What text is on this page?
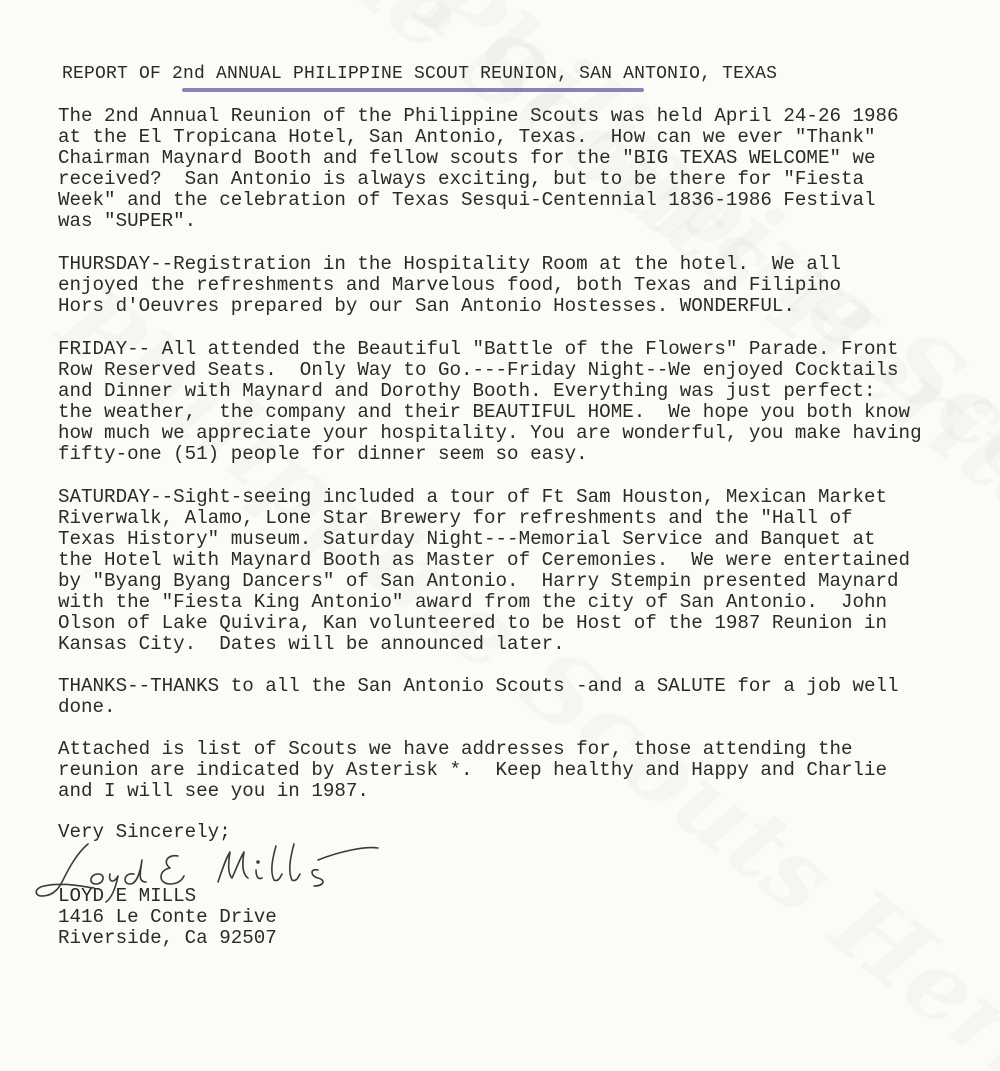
REPORT OF 2nd ANNUAL PHILIPPINE SCOUT REUNION, SAN ANTONIO, TEXAS
The 2nd Annual Reunion of the Philippine Scouts was held April 24-26 1986
at the El Tropicana Hotel, San Antonio, Texas.  How can we ever "Thank"
Chairman Maynard Booth and fellow scouts for the "BIG TEXAS WELCOME" we
received?  San Antonio is always exciting, but to be there for "Fiesta
Week" and the celebration of Texas Sesqui-Centennial 1836-1986 Festival
was "SUPER".
THURSDAY--Registration in the Hospitality Room at the hotel.  We all
enjoyed the refreshments and Marvelous food, both Texas and Filipino
Hors d'Oeuvres prepared by our San Antonio Hostesses. WONDERFUL.
FRIDAY-- All attended the Beautiful "Battle of the Flowers" Parade. Front
Row Reserved Seats.  Only Way to Go.---Friday Night--We enjoyed Cocktails
and Dinner with Maynard and Dorothy Booth. Everything was just perfect:
the weather,  the company and their BEAUTIFUL HOME.  We hope you both know
how much we appreciate your hospitality. You are wonderful, you make having
fifty-one (51) people for dinner seem so easy.
SATURDAY--Sight-seeing included a tour of Ft Sam Houston, Mexican Market
Riverwalk, Alamo, Lone Star Brewery for refreshments and the "Hall of
Texas History" museum. Saturday Night---Memorial Service and Banquet at
the Hotel with Maynard Booth as Master of Ceremonies.  We were entertained
by "Byang Byang Dancers" of San Antonio.  Harry Stempin presented Maynard
with the "Fiesta King Antonio" award from the city of San Antonio.  John
Olson of Lake Quivira, Kan volunteered to be Host of the 1987 Reunion in
Kansas City.  Dates will be announced later.
THANKS--THANKS to all the San Antonio Scouts -and a SALUTE for a job well
done.
Attached is list of Scouts we have addresses for, those attending the
reunion are indicated by Asterisk *.  Keep healthy and Happy and Charlie
and I will see you in 1987.
Very Sincerely;
LOYD E MILLS
1416 Le Conte Drive
Riverside, Ca 92507
